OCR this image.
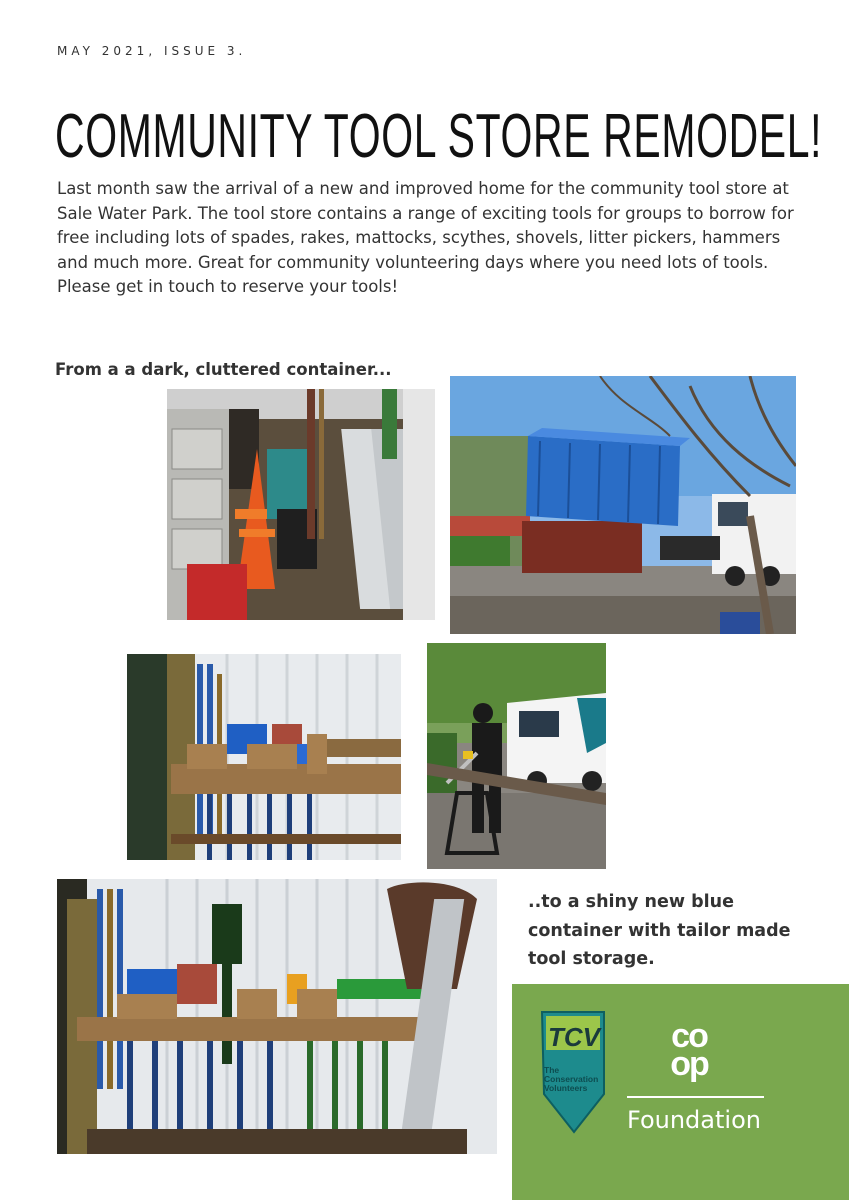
MAY 2021, ISSUE 3.

COMMUNITY TOOL STORE REMODEL!

Last month saw the arrival of a new and improved home for the community tool store at Sale Water Park. The tool store contains a range of exciting tools for groups to borrow for free including lots of spades, rakes, mattocks, scythes, shovels, litter pickers, hammers and much more. Great for community volunteering days where you need lots of tools. Please get in touch to reserve your tools!

From a a dark, cluttered container...

..to a shiny new blue container with tailor made tool storage.

TCV
The
Conservation
Volunteers
co
op

Foundation
